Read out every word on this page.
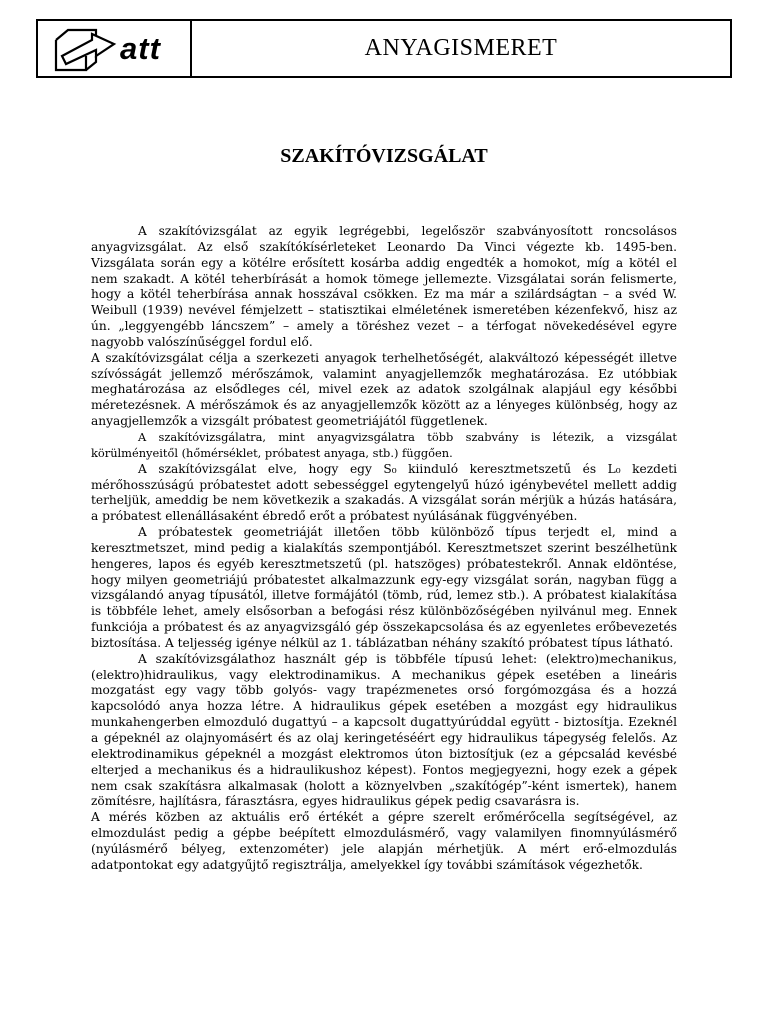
att	ANYAGISMERET
SZAKÍTÓVIZSGÁLAT

A szakítóvizsgálat az egyik legrégebbi, legelőször szabványosított roncsolásos anyagvizsgálat. Az első szakítókísérleteket Leonardo Da Vinci végezte kb. 1495-ben. Vizsgálata során egy a kötélre erősített kosárba addig engedték a homokot, míg a kötél el nem szakadt. A kötél teherbírását a homok tömege jellemezte. Vizsgálatai során felismerte, hogy a kötél teherbírása annak hosszával csökken. Ez ma már a szilárdságtan – a svéd W. Weibull (1939) nevével fémjelzett – statisztikai elméletének ismeretében kézenfekvő, hisz az ún. „leggyengébb láncszem” – amely a töréshez vezet – a térfogat növekedésével egyre nagyobb valószínűséggel fordul elő.

A szakítóvizsgálat célja a szerkezeti anyagok terhelhetőségét, alakváltozó képességét illetve szívósságát jellemző mérőszámok, valamint anyagjellemzők meghatározása. Ez utóbbiak meghatározása az elsődleges cél, mivel ezek az adatok szolgálnak alapjául egy későbbi méretezésnek. A mérőszámok és az anyagjellemzők között az a lényeges különbség, hogy az anyagjellemzők a vizsgált próbatest geometriájától függetlenek.

A szakítóvizsgálatra, mint anyagvizsgálatra több szabvány is létezik, a vizsgálat körülményeitől (hőmérséklet, próbatest anyaga, stb.) függően.

A szakítóvizsgálat elve, hogy egy S₀ kiinduló keresztmetszetű és L₀ kezdeti mérőhosszúságú próbatestet adott sebességgel egytengelyű húzó igénybevétel mellett addig terheljük, ameddig be nem következik a szakadás. A vizsgálat során mérjük a húzás hatására, a próbatest ellenállásaként ébredő erőt a próbatest nyúlásának függvényében.

A próbatestek geometriáját illetően több különböző típus terjedt el, mind a keresztmetszet, mind pedig a kialakítás szempontjából. Keresztmetszet szerint beszélhetünk hengeres, lapos és egyéb keresztmetszetű (pl. hatszöges) próbatestekről. Annak eldöntése, hogy milyen geometriájú próbatestet alkalmazzunk egy-egy vizsgálat során, nagyban függ a vizsgálandó anyag típusától, illetve formájától (tömb, rúd, lemez stb.). A próbatest kialakítása is többféle lehet, amely elsősorban a befogási rész különbözőségében nyilvánul meg. Ennek funkciója a próbatest és az anyagvizsgáló gép összekapcsolása és az egyenletes erőbevezetés biztosítása. A teljesség igénye nélkül az 1. táblázatban néhány szakító próbatest típus látható.

A szakítóvizsgálathoz használt gép is többféle típusú lehet: (elektro)mechanikus, (elektro)hidraulikus, vagy elektrodinamikus. A mechanikus gépek esetében a lineáris mozgatást egy vagy több golyós- vagy trapézmenetes orsó forgómozgása és a hozzá kapcsolódó anya hozza létre. A hidraulikus gépek esetében a mozgást egy hidraulikus munkahengerben elmozduló dugattyú – a kapcsolt dugattyúrúddal együtt - biztosítja. Ezeknél a gépeknél az olajnyomásért és az olaj keringetéséért egy hidraulikus tápegység felelős. Az elektrodinamikus gépeknél a mozgást elektromos úton biztosítjuk (ez a gépcsalád kevésbé elterjed a mechanikus és a hidraulikushoz képest). Fontos megjegyezni, hogy ezek a gépek nem csak szakításra alkalmasak (holott a köznyelvben „szakítógép”-ként ismertek), hanem zömítésre, hajlításra, fárasztásra, egyes hidraulikus gépek pedig csavarásra is.

A mérés közben az aktuális erő értékét a gépre szerelt erőmérőcella segítségével, az elmozdulást pedig a gépbe beépített elmozdulásmérő, vagy valamilyen finomnyúlásmérő (nyúlásmérő bélyeg, extenzométer) jele alapján mérhetjük. A mért erő-elmozdulás adatpontokat egy adatgyűjtő regisztrálja, amelyekkel így további számítások végezhetők.
